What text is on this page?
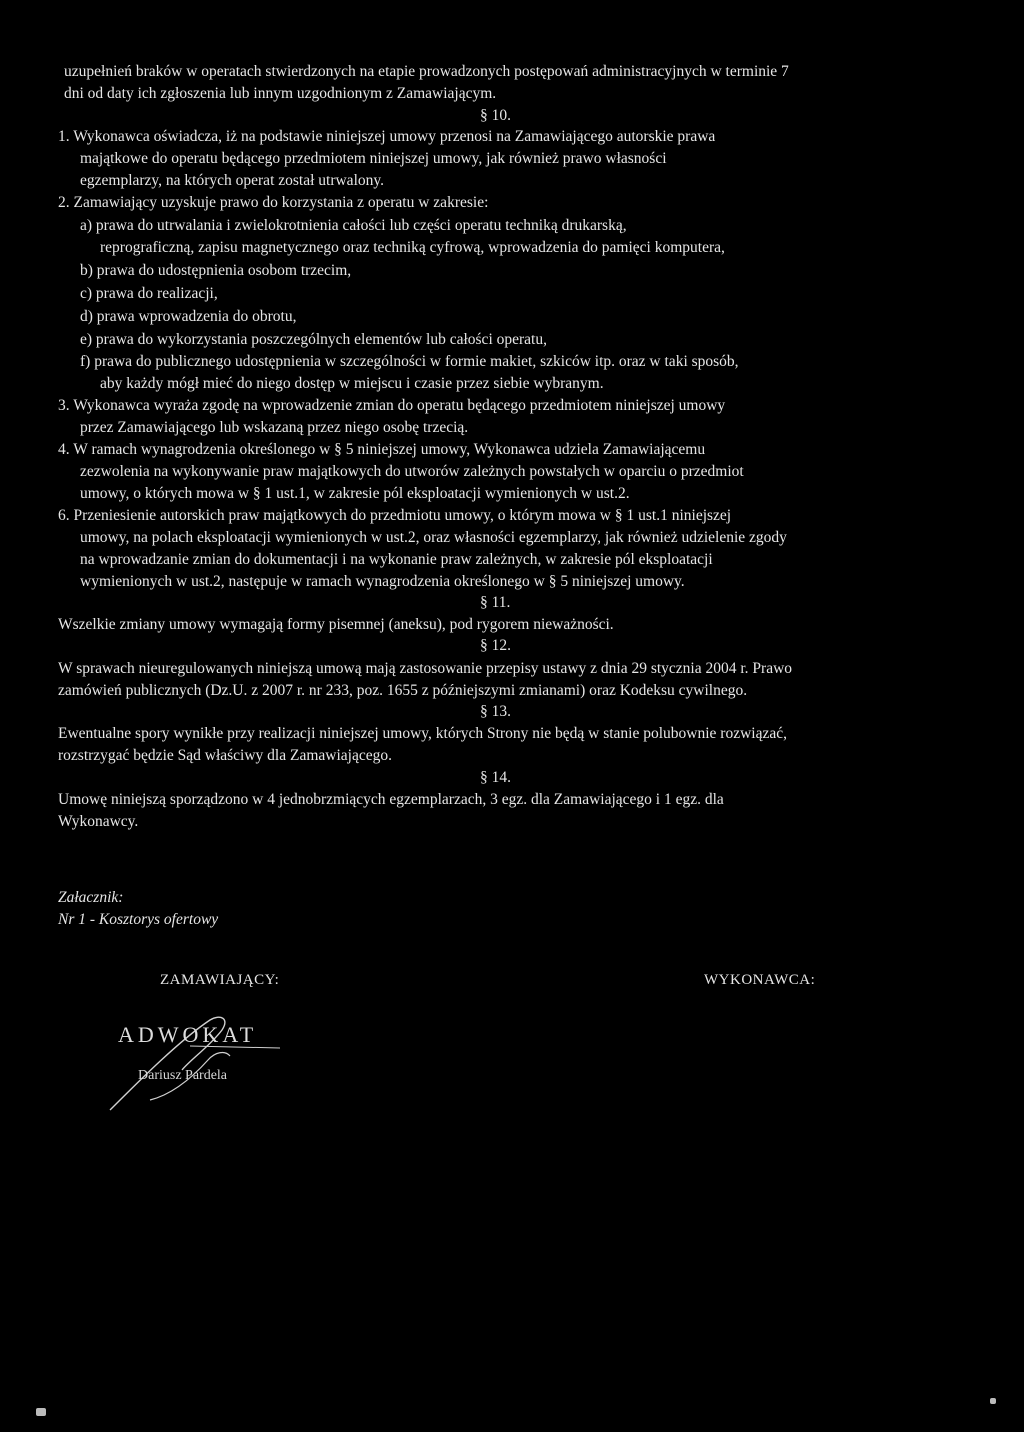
uzupełnień braków w operatach stwierdzonych na etapie prowadzonych postępowań administracyjnych w terminie 7
dni od daty ich zgłoszenia lub innym uzgodnionym z Zamawiającym.
§ 10.
1. Wykonawca oświadcza, iż na podstawie niniejszej umowy przenosi na Zamawiającego autorskie prawa
majątkowe do operatu będącego przedmiotem niniejszej umowy, jak również prawo własności
egzemplarzy, na których operat został utrwalony.
2. Zamawiający uzyskuje prawo do korzystania z operatu w zakresie:
a) prawa do utrwalania i zwielokrotnienia całości lub części operatu techniką drukarską,
reprograficzną, zapisu magnetycznego oraz techniką cyfrową, wprowadzenia do pamięci komputera,
b) prawa do udostępnienia osobom trzecim,
c) prawa do realizacji,
d) prawa wprowadzenia do obrotu,
e) prawa do wykorzystania poszczególnych elementów lub całości operatu,
f) prawa do publicznego udostępnienia w szczególności w formie makiet, szkiców itp. oraz w taki sposób,
aby każdy mógł mieć do niego dostęp w miejscu i czasie przez siebie wybranym.
3. Wykonawca wyraża zgodę na wprowadzenie zmian do operatu będącego przedmiotem niniejszej umowy
przez Zamawiającego lub wskazaną przez niego osobę trzecią.
4. W ramach wynagrodzenia określonego w § 5 niniejszej umowy, Wykonawca udziela Zamawiającemu
zezwolenia na wykonywanie praw majątkowych do utworów zależnych powstałych w oparciu o przedmiot
umowy, o których mowa w § 1 ust.1, w zakresie pól eksploatacji wymienionych w ust.2.
6. Przeniesienie autorskich praw majątkowych do przedmiotu umowy, o którym mowa w § 1 ust.1 niniejszej
umowy, na polach eksploatacji wymienionych w ust.2, oraz własności egzemplarzy, jak również udzielenie zgody
na wprowadzanie zmian do dokumentacji i na wykonanie praw zależnych, w zakresie pól eksploatacji
wymienionych w ust.2, następuje w ramach wynagrodzenia określonego w § 5 niniejszej umowy.
§ 11.
Wszelkie zmiany umowy wymagają formy pisemnej (aneksu), pod rygorem nieważności.
§ 12.
W sprawach nieuregulowanych niniejszą umową mają zastosowanie przepisy ustawy z dnia 29 stycznia 2004 r. Prawo
zamówień publicznych (Dz.U. z 2007 r. nr 233, poz. 1655 z późniejszymi zmianami) oraz Kodeksu cywilnego.
§ 13.
Ewentualne spory wynikłe przy realizacji niniejszej umowy, których Strony nie będą w stanie polubownie rozwiązać,
rozstrzygać będzie Sąd właściwy dla Zamawiającego.
§ 14.
Umowę niniejszą sporządzono w 4 jednobrzmiących egzemplarzach, 3 egz. dla Zamawiającego i 1 egz. dla
Wykonawcy.
Załacznik:
Nr 1 - Kosztorys ofertowy
ZAMAWIAJĄCY:	WYKONAWCA:
ADWOKAT
Dariusz Pardela
